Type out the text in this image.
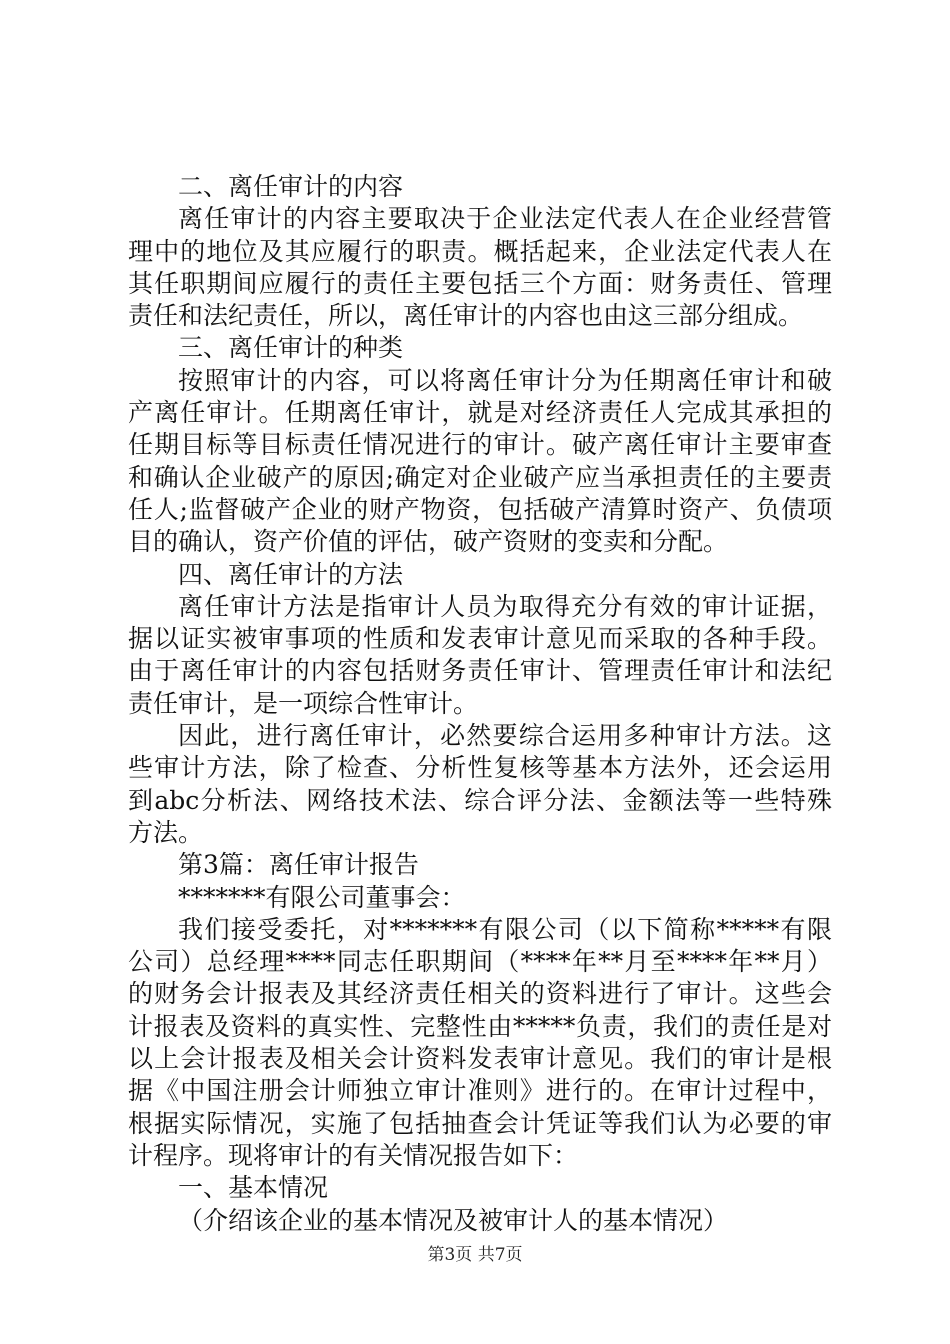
二、离任审计的内容
离任审计的内容主要取决于企业法定代表人在企业经营管
理中的地位及其应履行的职责。概括起来，企业法定代表人在
其任职期间应履行的责任主要包括三个方面：财务责任、管理
责任和法纪责任，所以，离任审计的内容也由这三部分组成。
三、离任审计的种类
按照审计的内容，可以将离任审计分为任期离任审计和破
产离任审计。任期离任审计，就是对经济责任人完成其承担的
任期目标等目标责任情况进行的审计。破产离任审计主要审查
和确认企业破产的原因;确定对企业破产应当承担责任的主要责
任人;监督破产企业的财产物资，包括破产清算时资产、负债项
目的确认，资产价值的评估，破产资财的变卖和分配。
四、离任审计的方法
离任审计方法是指审计人员为取得充分有效的审计证据，
据以证实被审事项的性质和发表审计意见而采取的各种手段。
由于离任审计的内容包括财务责任审计、管理责任审计和法纪
责任审计，是一项综合性审计。
因此，进行离任审计，必然要综合运用多种审计方法。这
些审计方法，除了检查、分析性复核等基本方法外，还会运用
到abc分析法、网络技术法、综合评分法、金额法等一些特殊
方法。
第3篇：离任审计报告
*******有限公司董事会：
我们接受委托，对*******有限公司（以下简称*****有限
公司）总经理****同志任职期间（****年**月至****年**月）
的财务会计报表及其经济责任相关的资料进行了审计。这些会
计报表及资料的真实性、完整性由*****负责，我们的责任是对
以上会计报表及相关会计资料发表审计意见。我们的审计是根
据《中国注册会计师独立审计准则》进行的。在审计过程中，
根据实际情况，实施了包括抽查会计凭证等我们认为必要的审
计程序。现将审计的有关情况报告如下：
一、基本情况
（介绍该企业的基本情况及被审计人的基本情况）
第3页 共7页
